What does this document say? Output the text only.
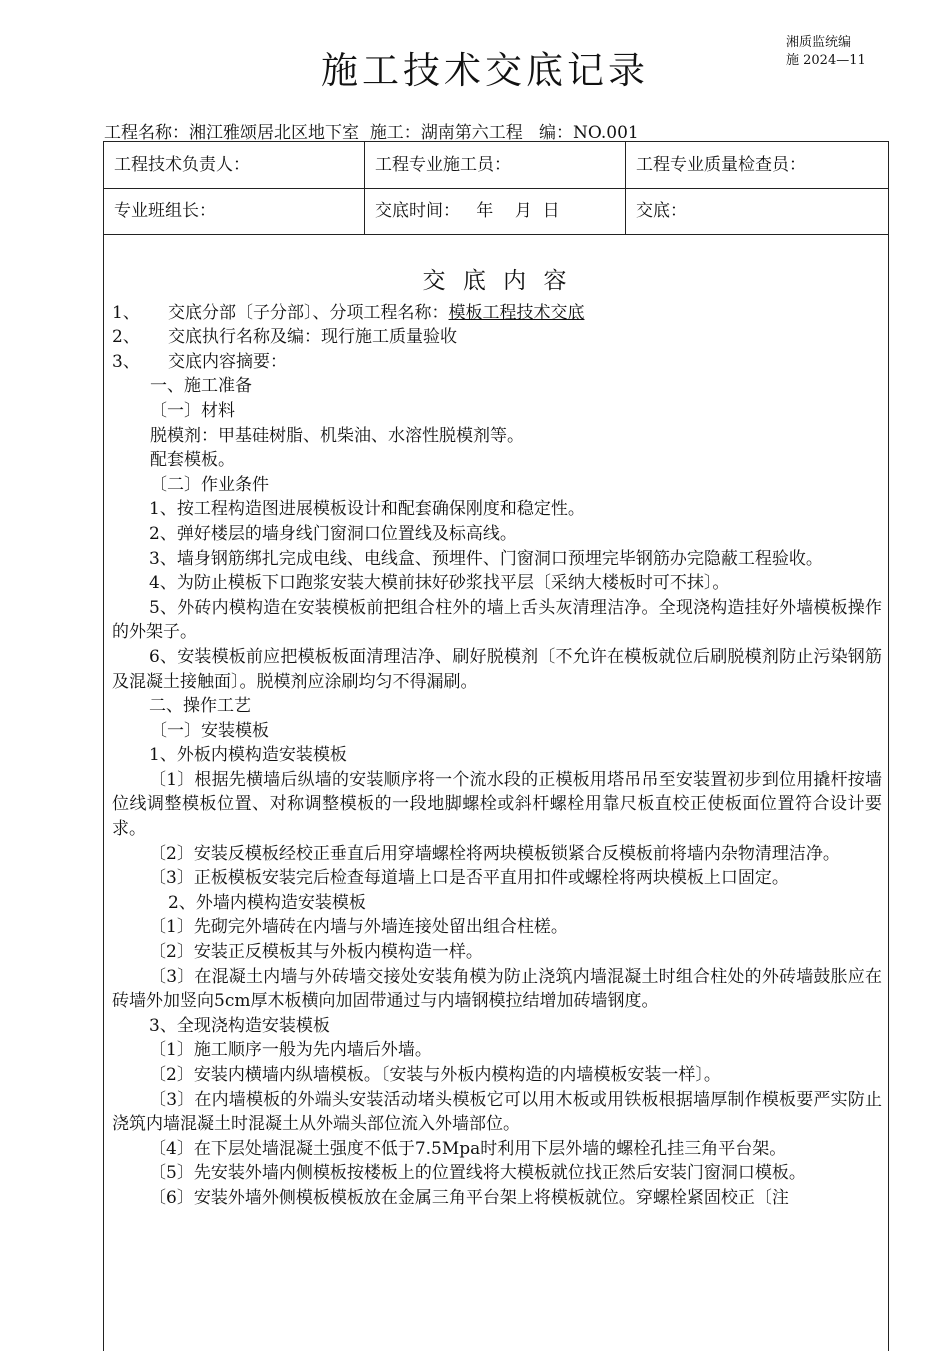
施工技术交底记录
湘质监统编
施 2024—11
工程名称：湘江雅颂居北区地下室 施工：湖南第六工程 编：NO.001
工程技术负责人：	工程专业施工员：	工程专业质量检查员：
专业班组长：	交底时间：   年    月  日	交底：
交 底 内 容
1、	交底分部〔子分部〕、分项工程名称：模板工程技术交底
2、	交底执行名称及编：现行施工质量验收
3、	交底内容摘要：
一、施工准备
〔一〕材料
脱模剂：甲基硅树脂、机柴油、水溶性脱模剂等。
配套模板。
〔二〕作业条件
1、按工程构造图进展模板设计和配套确保刚度和稳定性。
2、弹好楼层的墙身线门窗洞口位置线及标高线。
3、墙身钢筋绑扎完成电线、电线盒、预埋件、门窗洞口预埋完毕钢筋办完隐蔽工程验收。
4、为防止模板下口跑浆安装大模前抹好砂浆找平层〔采纳大楼板时可不抹〕。
5、外砖内模构造在安装模板前把组合柱外的墙上舌头灰清理洁净。全现浇构造挂好外墙模板操作的外架子。
6、安装模板前应把模板板面清理洁净、刷好脱模剂〔不允许在模板就位后刷脱模剂防止污染钢筋及混凝土接触面〕。脱模剂应涂刷均匀不得漏刷。
二、操作工艺
〔一〕安装模板
1、外板内模构造安装模板
〔1〕根据先横墙后纵墙的安装顺序将一个流水段的正模板用塔吊吊至安装置初步到位用撬杆按墙位线调整模板位置、对称调整模板的一段地脚螺栓或斜杆螺栓用靠尺板直校正使板面位置符合设计要求。
〔2〕安装反模板经校正垂直后用穿墙螺栓将两块模板锁紧合反模板前将墙内杂物清理洁净。
〔3〕正板模板安装完后检查每道墙上口是否平直用扣件或螺栓将两块模板上口固定。
2、外墙内模构造安装模板
〔1〕先砌完外墙砖在内墙与外墙连接处留出组合柱槎。
〔2〕安装正反模板其与外板内模构造一样。
〔3〕在混凝土内墙与外砖墙交接处安装角模为防止浇筑内墙混凝土时组合柱处的外砖墙鼓胀应在砖墙外加竖向5cm厚木板横向加固带通过与内墙钢模拉结增加砖墙钢度。
3、全现浇构造安装模板
〔1〕施工顺序一般为先内墙后外墙。
〔2〕安装内横墙内纵墙模板。〔安装与外板内模构造的内墙模板安装一样〕。
〔3〕在内墙模板的外端头安装活动堵头模板它可以用木板或用铁板根据墙厚制作模板要严实防止浇筑内墙混凝土时混凝土从外端头部位流入外墙部位。
〔4〕在下层处墙混凝土强度不低于7.5Mpa时利用下层外墙的螺栓孔挂三角平台架。
〔5〕先安装外墙内侧模板按楼板上的位置线将大模板就位找正然后安装门窗洞口模板。
〔6〕安装外墙外侧模板模板放在金属三角平台架上将模板就位。穿螺栓紧固校正〔注
